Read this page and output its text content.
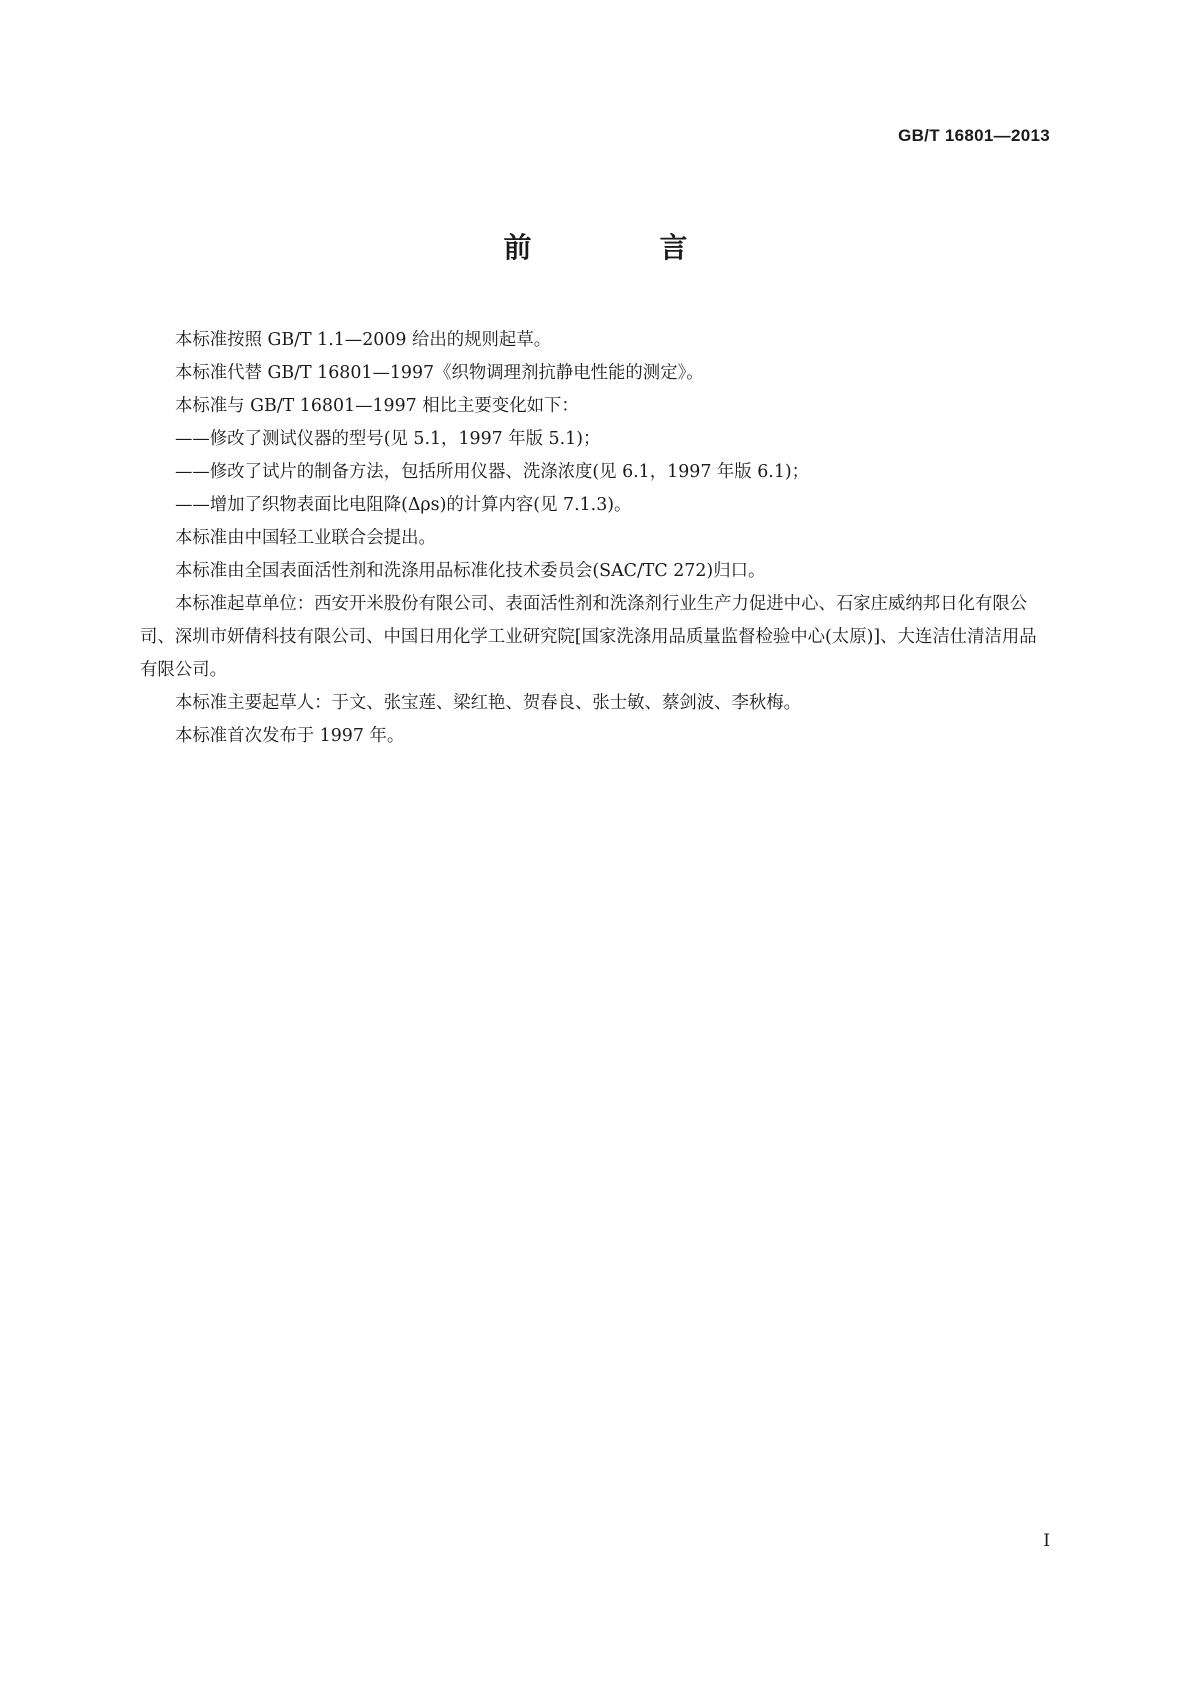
GB/T 16801—2013
前　言

本标准按照 GB/T 1.1—2009 给出的规则起草。

本标准代替 GB/T 16801—1997《织物调理剂抗静电性能的测定》。

本标准与 GB/T 16801—1997 相比主要变化如下：

——修改了测试仪器的型号(见 5.1，1997 年版 5.1)；

——修改了试片的制备方法，包括所用仪器、洗涤浓度(见 6.1，1997 年版 6.1)；

——增加了织物表面比电阻降(Δρs)的计算内容(见 7.1.3)。

本标准由中国轻工业联合会提出。

本标准由全国表面活性剂和洗涤用品标准化技术委员会(SAC/TC 272)归口。

本标准起草单位：西安开米股份有限公司、表面活性剂和洗涤剂行业生产力促进中心、石家庄威纳邦日化有限公司、深圳市妍倩科技有限公司、中国日用化学工业研究院[国家洗涤用品质量监督检验中心(太原)]、大连洁仕清洁用品有限公司。

本标准主要起草人：于文、张宝莲、梁红艳、贺春良、张士敏、蔡剑波、李秋梅。

本标准首次发布于 1997 年。

I
